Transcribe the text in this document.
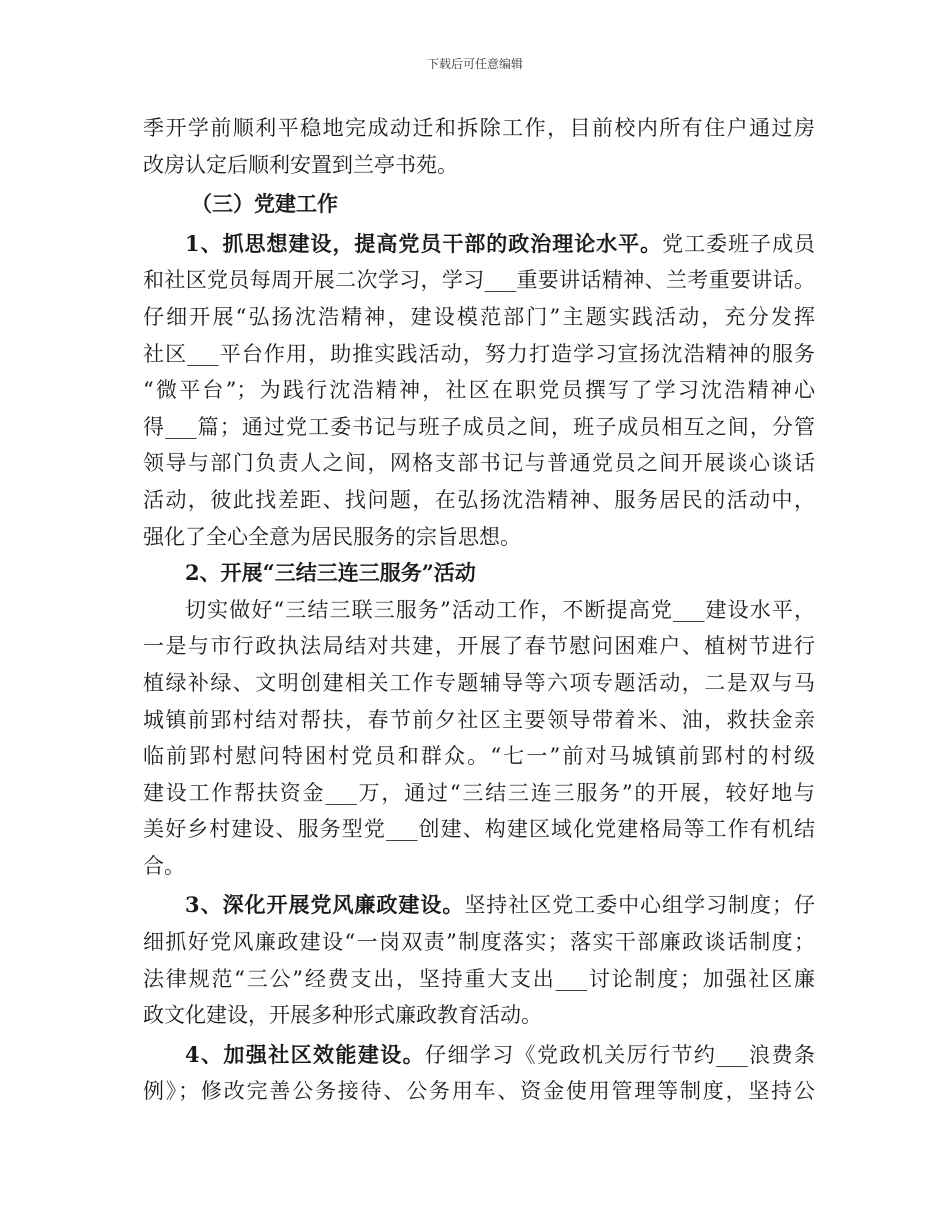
下载后可任意编辑
季开学前顺利平稳地完成动迁和拆除工作，目前校内所有住户通过房
改房认定后顺利安置到兰亭书苑。
（三）党建工作
1、抓思想建设，提高党员干部的政治理论水平。党工委班子成员
和社区党员每周开展二次学习，学习___重要讲话精神、兰考重要讲话。
仔细开展“弘扬沈浩精神，建设模范部门”主题实践活动，充分发挥
社区___平台作用，助推实践活动，努力打造学习宣扬沈浩精神的服务
“微平台”；为践行沈浩精神，社区在职党员撰写了学习沈浩精神心
得___篇；通过党工委书记与班子成员之间，班子成员相互之间，分管
领导与部门负责人之间，网格支部书记与普通党员之间开展谈心谈话
活动，彼此找差距、找问题，在弘扬沈浩精神、服务居民的活动中，
强化了全心全意为居民服务的宗旨思想。
2、开展“三结三连三服务”活动
切实做好“三结三联三服务”活动工作，不断提高党___建设水平，
一是与市行政执法局结对共建，开展了春节慰问困难户、植树节进行
植绿补绿、文明创建相关工作专题辅导等六项专题活动，二是双与马
城镇前郢村结对帮扶，春节前夕社区主要领导带着米、油，救扶金亲
临前郢村慰问特困村党员和群众。“七一”前对马城镇前郢村的村级
建设工作帮扶资金___万，通过“三结三连三服务”的开展，较好地与
美好乡村建设、服务型党___创建、构建区域化党建格局等工作有机结
合。
3、深化开展党风廉政建设。坚持社区党工委中心组学习制度；仔
细抓好党风廉政建设“一岗双责”制度落实；落实干部廉政谈话制度；
法律规范“三公”经费支出，坚持重大支出___讨论制度；加强社区廉
政文化建设，开展多种形式廉政教育活动。
4、加强社区效能建设。仔细学习《党政机关厉行节约___浪费条
例》；修改完善公务接待、公务用车、资金使用管理等制度，坚持公
